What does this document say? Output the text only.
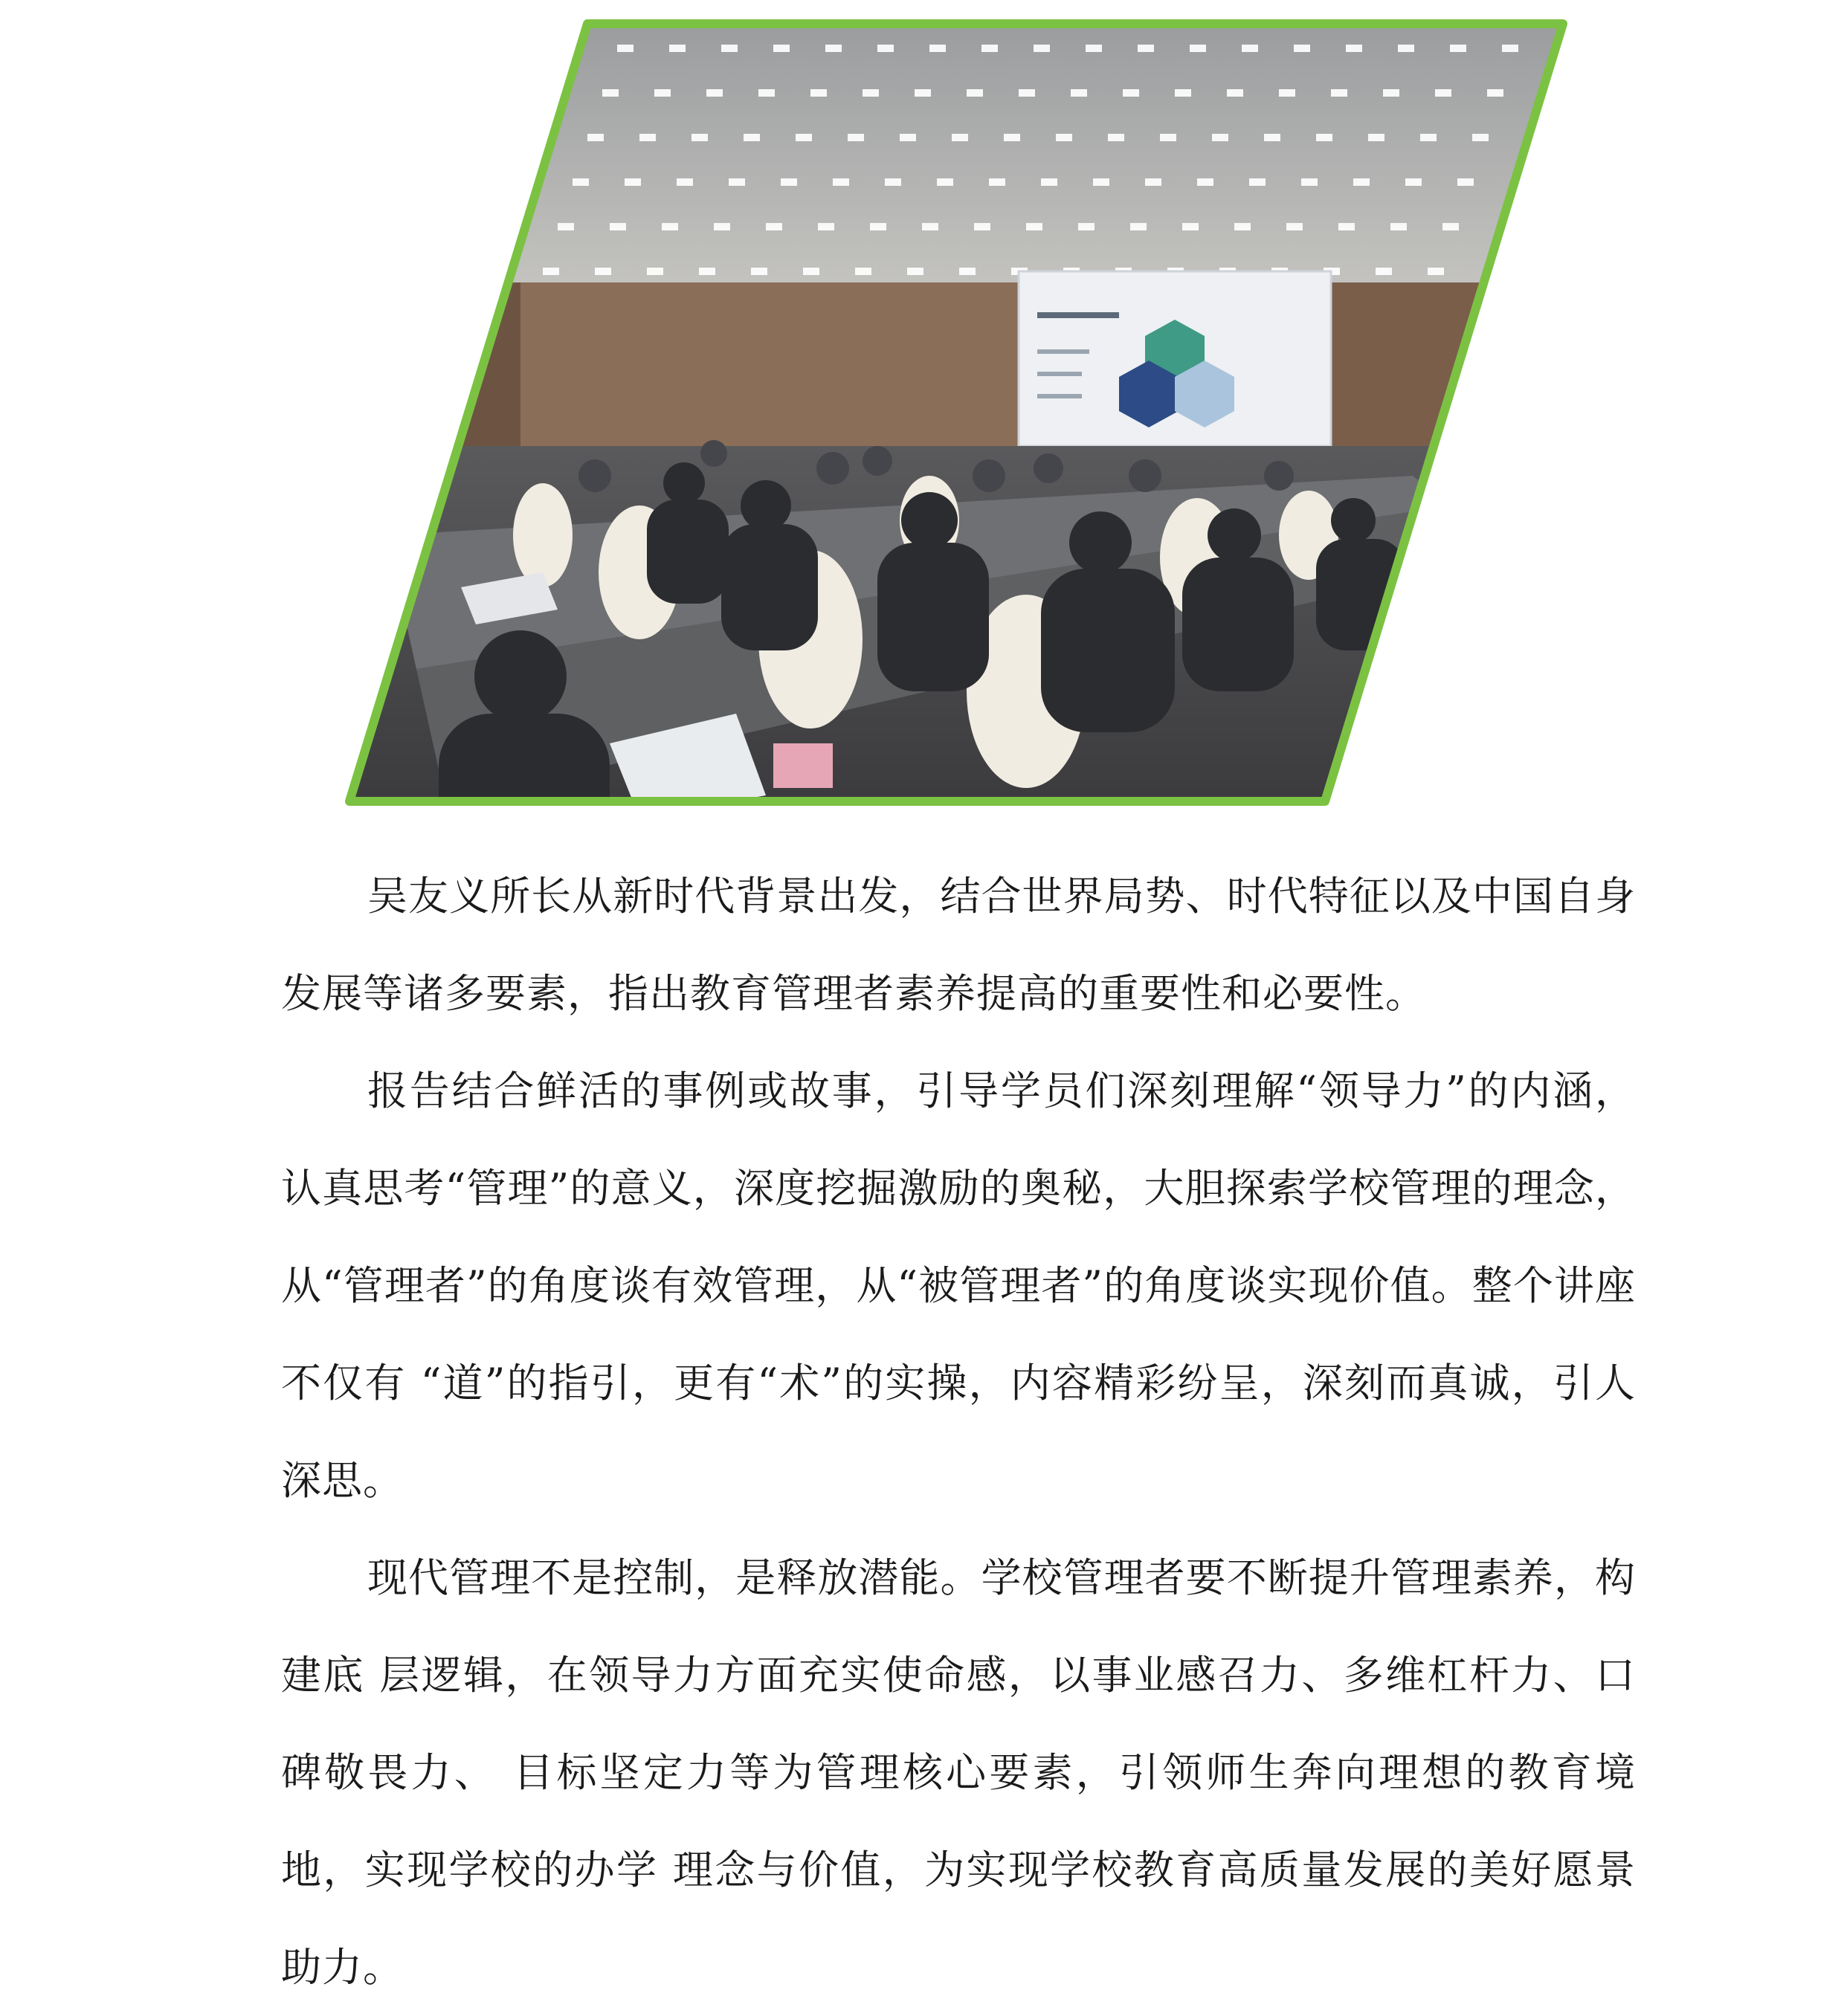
吴友义所长从新时代背景出发，结合世界局势、时代特征以及中国自身发展等诸多要素，指出教育管理者素养提高的重要性和必要性。

报告结合鲜活的事例或故事，引导学员们深刻理解“领导力”的内涵，认真思考“管理”的意义，深度挖掘激励的奥秘，大胆探索学校管理的理念，从“管理者”的角度谈有效管理，从“被管理者”的角度谈实现价值。整个讲座不仅有 “道”的指引，更有“术”的实操，内容精彩纷呈，深刻而真诚，引人深思。

现代管理不是控制，是释放潜能。学校管理者要不断提升管理素养，构建底 层逻辑，在领导力方面充实使命感，以事业感召力、多维杠杆力、口碑敬畏力、 目标坚定力等为管理核心要素，引领师生奔向理想的教育境地，实现学校的办学 理念与价值，为实现学校教育高质量发展的美好愿景助力。
